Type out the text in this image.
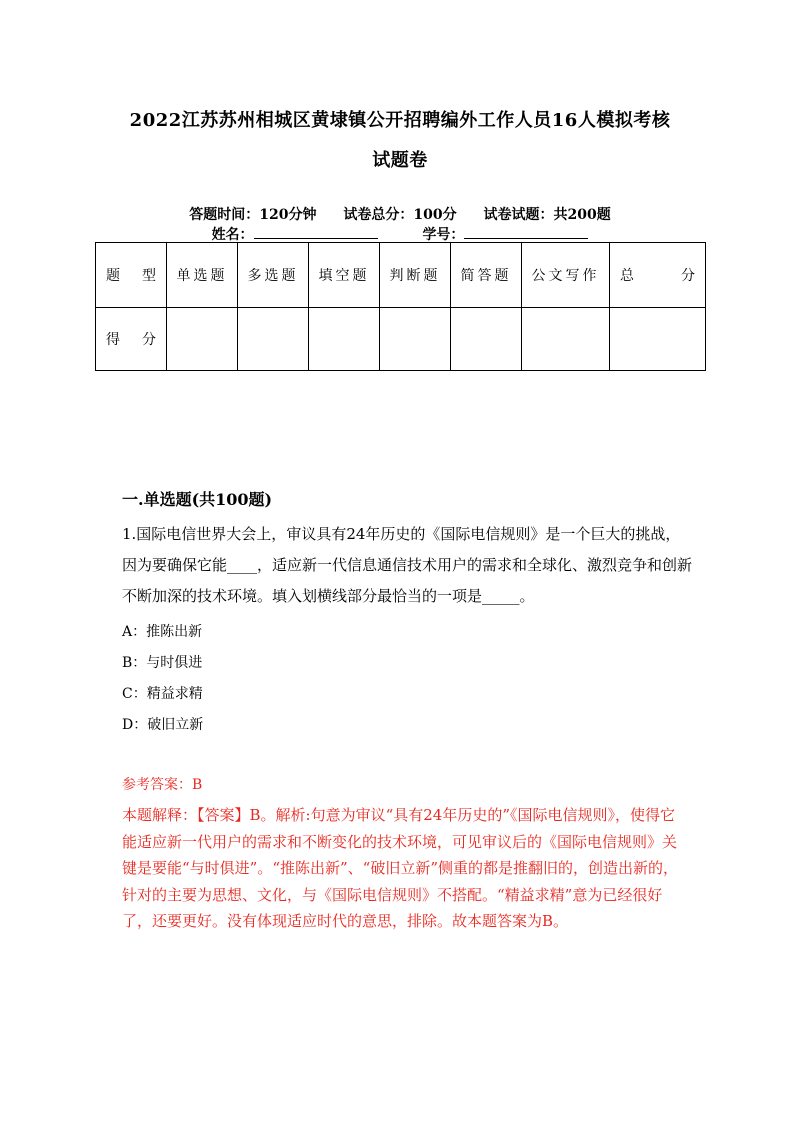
2022江苏苏州相城区黄埭镇公开招聘编外工作人员16人模拟考核
试题卷
答题时间：120分钟 试卷总分：100分 试卷试题：共200题
姓名：	学号：
题 型	单选题	多选题	填空题	判断题	简答题	公文写作	总 分

得 分							

一.单选题(共100题)
1.国际电信世界大会上，审议具有24年历史的《国际电信规则》是一个巨大的挑战，因为要确保它能____，适应新一代信息通信技术用户的需求和全球化、激烈竞争和创新不断加深的技术环境。填入划横线部分最恰当的一项是_____。
A：推陈出新
B：与时俱进
C：精益求精
D：破旧立新
参考答案：B
本题解释：【答案】B。解析:句意为审议“具有24年历史的”《国际电信规则》，使得它能适应新一代用户的需求和不断变化的技术环境，可见审议后的《国际电信规则》关键是要能“与时俱进”。“推陈出新”、“破旧立新”侧重的都是推翻旧的，创造出新的，针对的主要为思想、文化，与《国际电信规则》不搭配。“精益求精”意为已经很好了，还要更好。没有体现适应时代的意思，排除。故本题答案为B。
